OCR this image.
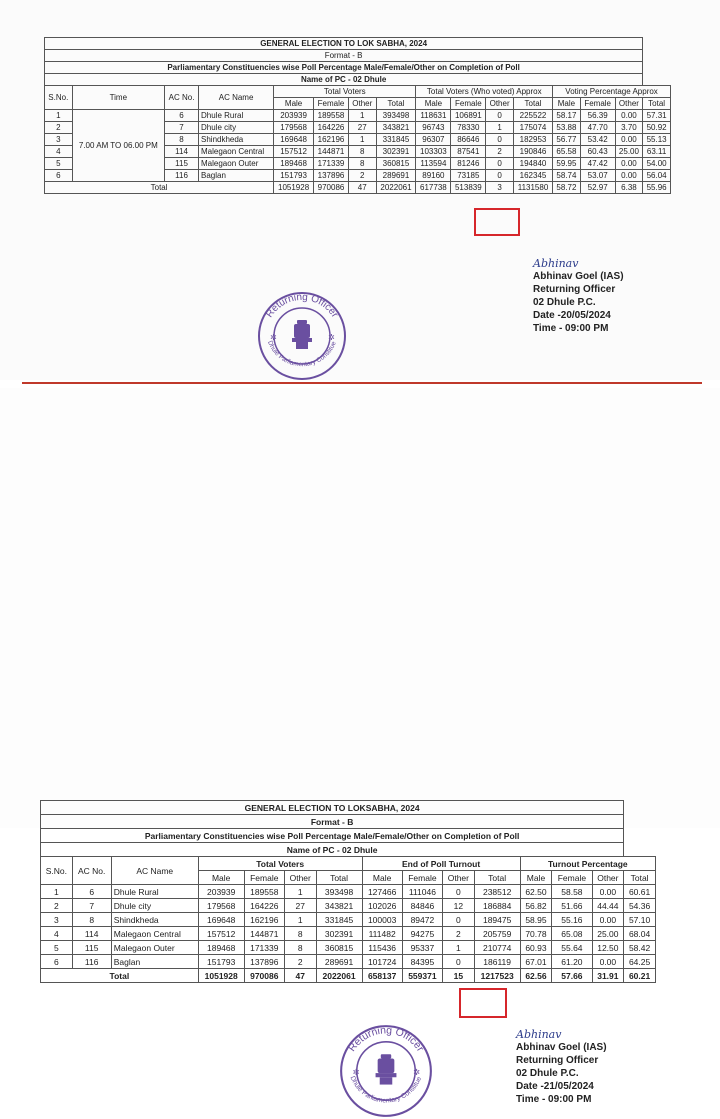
GENERAL ELECTION TO LOK SABHA, 2024															
Format - B															
Parliamentary Constituencies wise Poll Percentage Male/Female/Other on Completion of Poll															
Name of PC - 02 Dhule															
S.No.	Time	AC No.	AC Name	Total Voters				Total Voters (Who voted) Approx				Voting Percentage Approx			
				Male	Female	Other	Total	Male	Female	Other	Total	Male	Female	Other	Total
1	7.00 AM TO 06.00 PM	6	Dhule Rural	203939	189558	1	393498	118631	106891	0	225522	58.17	56.39	0.00	57.31
2		7	Dhule city	179568	164226	27	343821	96743	78330	1	175074	53.88	47.70	3.70	50.92
3		8	Shindkheda	169648	162196	1	331845	96307	86646	0	182953	56.77	53.42	0.00	55.13
4		114	Malegaon Central	157512	144871	8	302391	103303	87541	2	190846	65.58	60.43	25.00	63.11
5		115	Malegaon Outer	189468	171339	8	360815	113594	81246	0	194840	59.95	47.42	0.00	54.00
6		116	Baglan	151793	137896	2	289691	89160	73185	0	162345	58.74	53.07	0.00	56.04
Total				1051928	970086	47	2022061	617738	513839	3	1131580	58.72	52.97	6.38	55.96
Returning Officer
Dhule Parliamentary Constitue
✲	✲
Abhinav
Abhinav Goel (IAS)
Returning Officer
02 Dhule P.C.
Date -20/05/2024
Time - 09:00 PM
GENERAL ELECTION TO LOKSABHA, 2024														
Format - B														
Parliamentary Constituencies wise Poll Percentage Male/Female/Other on Completion of Poll														
Name of PC - 02 Dhule														
S.No.	AC No.	AC Name	Total Voters				End of Poll Turnout				Turnout Percentage			
			Male	Female	Other	Total	Male	Female	Other	Total	Male	Female	Other	Total
1	6	Dhule Rural	203939	189558	1	393498	127466	111046	0	238512	62.50	58.58	0.00	60.61
2	7	Dhule city	179568	164226	27	343821	102026	84846	12	186884	56.82	51.66	44.44	54.36
3	8	Shindkheda	169648	162196	1	331845	100003	89472	0	189475	58.95	55.16	0.00	57.10
4	114	Malegaon Central	157512	144871	8	302391	111482	94275	2	205759	70.78	65.08	25.00	68.04
5	115	Malegaon Outer	189468	171339	8	360815	115436	95337	1	210774	60.93	55.64	12.50	58.42
6	116	Baglan	151793	137896	2	289691	101724	84395	0	186119	67.01	61.20	0.00	64.25
Total			1051928	970086	47	2022061	658137	559371	15	1217523	62.56	57.66	31.91	60.21
Returning Officer
Dhule Parliamentary Constitue
✲	✲
Abhinav
Abhinav Goel (IAS)
Returning Officer
02 Dhule P.C.
Date -21/05/2024
Time - 09:00 PM
